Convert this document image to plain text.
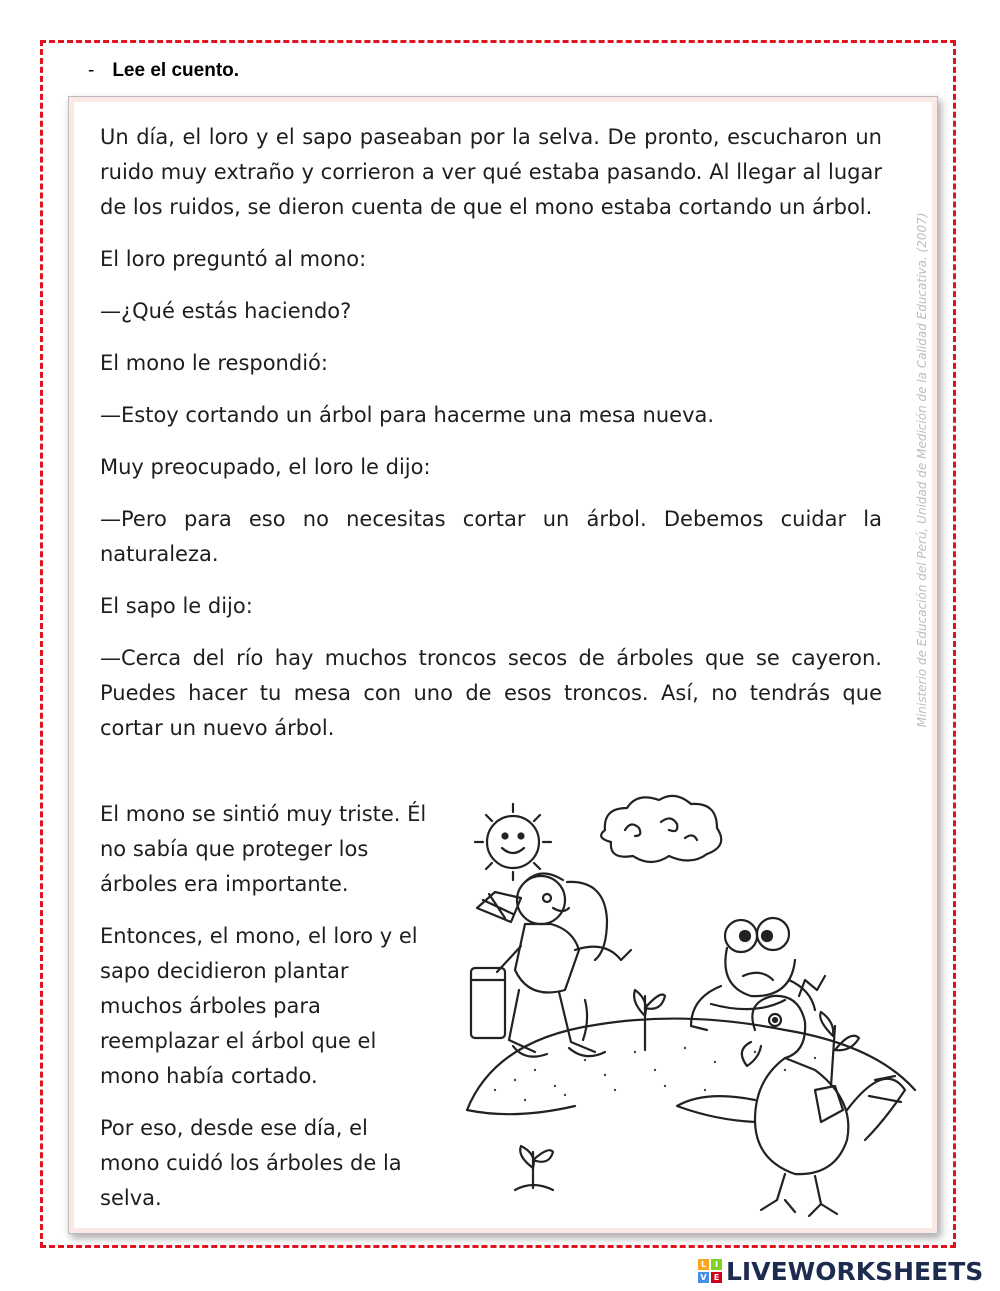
- Lee el cuento.

Un día, el loro y el sapo paseaban por la selva. De pronto, escucharon un ruido muy extraño y corrieron a ver qué estaba pasando. Al llegar al lugar de los ruidos, se dieron cuenta de que el mono estaba cortando un árbol.

El loro preguntó al mono:

—¿Qué estás haciendo?

El mono le respondió:

—Estoy cortando un árbol para hacerme una mesa nueva.

Muy preocupado, el loro le dijo:

—Pero para eso no necesitas cortar un árbol. Debemos cuidar la naturaleza.

El sapo le dijo:

—Cerca del río hay muchos troncos secos de árboles que se cayeron. Puedes hacer tu mesa con uno de esos troncos. Así, no tendrás que cortar un nuevo árbol.

El mono se sintió muy triste. Él no sabía que proteger los árboles era importante.

Entonces, el mono, el loro y el sapo decidieron plantar muchos árboles para reemplazar el árbol que el mono había cortado.

Por eso, desde ese día, el mono cuidó los árboles de la selva.

Ministerio de Educación del Perú, Unidad de Medición de la Calidad Educativa. (2007)
L	I
V E LIVEWORKSHEETS
